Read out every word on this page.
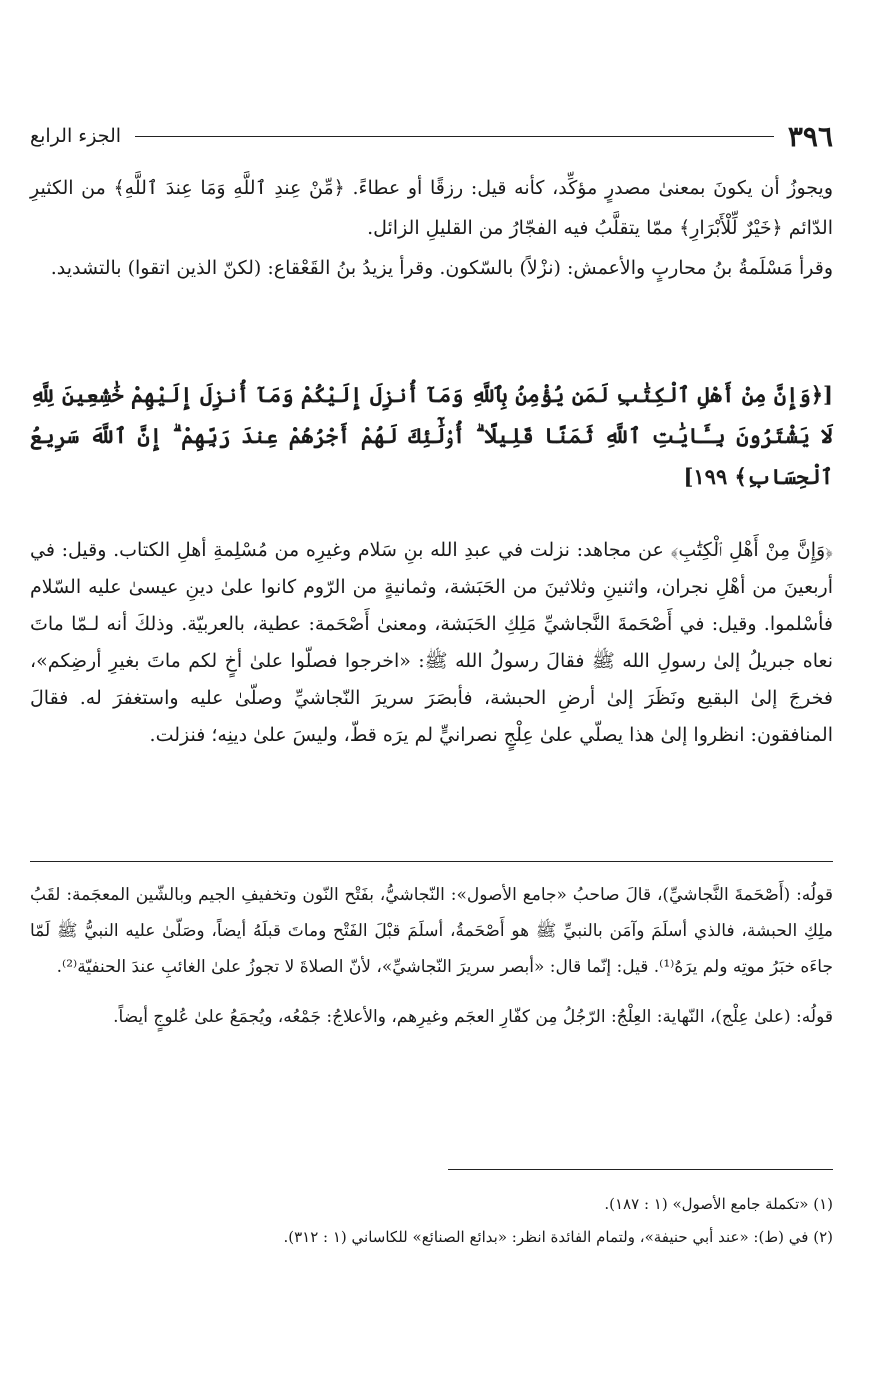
٣٩٦
الجزء الرابع

ويجوزُ أن يكونَ بمعنىٰ مصدرٍ مؤكِّد، كأنه قيل: رزقًا أو عطاءً. ﴿مِّنْ عِندِ ٱللَّهِ وَمَا عِندَ ٱللَّهِ﴾ من الكثيرِ الدّائم ﴿خَيْرٌ لِّلْأَبْرَارِ﴾ ممّا يتقلَّبُ فيه الفجّارُ من القليلِ الزائل.

وقرأ مَسْلَمةُ بنُ محاربٍ والأعمش: (نزْلاً) بالسّكون. وقرأ يزيدُ بنُ القَعْقاع: (لكنّ الذين اتقوا) بالتشديد.

[﴿وَإِنَّ مِنْ أَهْلِ ٱلْكِتَٰبِ لَمَن يُؤْمِنُ بِٱللَّهِ وَمَآ أُنزِلَ إِلَيْكُمْ وَمَآ أُنزِلَ إِلَيْهِمْ خَٰشِعِينَ لِلَّهِ لَا يَشْتَرُونَ بِـَٔايَٰتِ ٱللَّهِ ثَمَنًا قَلِيلًا ۗ أُو۟لَٰٓئِكَ لَهُمْ أَجْرُهُمْ عِندَ رَبِّهِمْ ۗ إِنَّ ٱللَّهَ سَرِيعُ ٱلْحِسَابِ﴾ ١٩٩]

﴿وَإِنَّ مِنْ أَهْلِ ٱلْكِتَٰبِ﴾ عن مجاهد: نزلت في عبدِ الله بنِ سَلام وغيرِه من مُسْلِمةِ أهلِ الكتاب. وقيل: في أربعينَ من أهْلِ نجران، واثنينِ وثلاثينَ من الحَبَشة، وثمانيةٍ من الرّوم كانوا علىٰ دينِ عيسىٰ عليه السّلام فأسْلموا. وقيل: في أَصْحَمةَ النَّجاشيِّ مَلِكِ الحَبَشة، ومعنىٰ أَصْحَمة: عطية، بالعربيّة. وذلكَ أنه لـمّا ماتَ نعاه جبريلُ إلىٰ رسولِ الله ﷺ فقالَ رسولُ الله ﷺ: «اخرجوا فصلّوا علىٰ أخٍ لكم ماتَ بغيرِ أرضِكم»، فخرجَ إلىٰ البقيع ونَظَرَ إلىٰ أرضِ الحبشة، فأبصَرَ سريرَ النّجاشيِّ وصلّىٰ عليه واستغفرَ له. فقالَ المنافقون: انظروا إلىٰ هذا يصلّي علىٰ عِلْجٍ نصرانيٍّ لم يرَه قطّ، وليسَ علىٰ دينِه؛ فنزلت.

قولُه: (أَصْحَمةَ النَّجاشيِّ)، قالَ صاحبُ «جامع الأصول»: النّجاشيُّ، بفَتْح النّون وتخفيفِ الجيم وبالشّين المعجَمة: لقَبُ ملِكِ الحبشة، فالذي أسلَمَ وآمَن بالنبيِّ ﷺ هو أَصْحَمةُ، أسلَمَ قبْلَ الفَتْح وماتَ قبلَهُ أيضاً، وصَلّىٰ عليه النبيُّ ﷺ لَمّا جاءَه خبَرُ موتِه ولم يرَهُ⁽¹⁾. قيل: إنّما قال: «أبصر سريرَ النّجاشيِّ»، لأنّ الصلاةَ لا تجوزُ علىٰ الغائبِ عندَ الحنفيّة⁽²⁾.

قولُه: (علىٰ عِلْج)، النّهاية: العِلْجُ: الرّجُلُ مِن كفّارِ العجَم وغيرِهم، والأعلاجُ: جَمْعُه، ويُجمَعُ علىٰ عُلوجٍ أيضاً.

(١) «تكملة جامع الأصول» (١ : ١٨٧).

(٢) في (ط): «عند أبي حنيفة»، ولتمام الفائدة انظر: «بدائع الصنائع» للكاساني (١ : ٣١٢).
